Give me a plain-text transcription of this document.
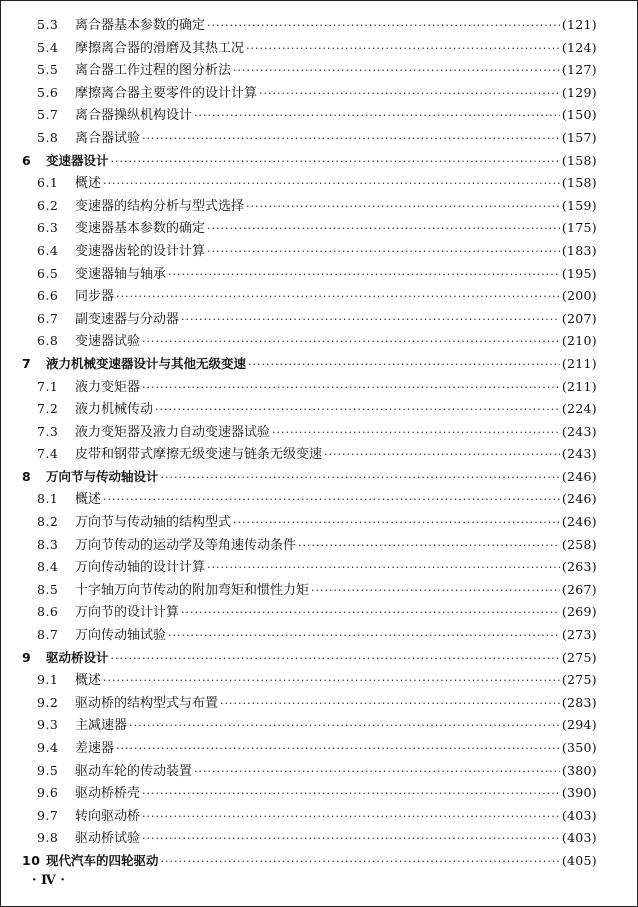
5.3	离合器基本参数的确定 ·····	(121)
5.4	摩擦离合器的滑磨及其热工况 ·····	(124)
5.5	离合器工作过程的图分析法 ·····	(127)
5.6	摩擦离合器主要零件的设计计算 ·····	(129)
5.7	离合器操纵机构设计 ·····	(150)
5.8	离合器试验 ·····	(157)
6	变速器设计 ·····	(158)
6.1	概述 ·····	(158)
6.2	变速器的结构分析与型式选择 ·····	(159)
6.3	变速器基本参数的确定 ·····	(175)
6.4	变速器齿轮的设计计算 ·····	(183)
6.5	变速器轴与轴承 ·····	(195)
6.6	同步器 ·····	(200)
6.7	副变速器与分动器 ·····	(207)
6.8	变速器试验 ·····	(210)
7	液力机械变速器设计与其他无级变速 ·····	(211)
7.1	液力变矩器 ·····	(211)
7.2	液力机械传动 ·····	(224)
7.3	液力变矩器及液力自动变速器试验 ·····	(243)
7.4	皮带和钢带式摩擦无级变速与链条无级变速 ·····	(243)
8	万向节与传动轴设计 ·····	(246)
8.1	概述 ·····	(246)
8.2	万向节与传动轴的结构型式 ·····	(246)
8.3	万向节传动的运动学及等角速传动条件 ·····	(258)
8.4	万向传动轴的设计计算 ·····	(263)
8.5	十字轴万向节传动的附加弯矩和惯性力矩 ·····	(267)
8.6	万向节的设计计算 ·····	(269)
8.7	万向传动轴试验 ·····	(273)
9	驱动桥设计 ·····	(275)
9.1	概述 ·····	(275)
9.2	驱动桥的结构型式与布置 ·····	(283)
9.3	主减速器 ·····	(294)
9.4	差速器 ·····	(350)
9.5	驱动车轮的传动装置 ·····	(380)
9.6	驱动桥桥壳 ·····	(390)
9.7	转向驱动桥 ·····	(403)
9.8	驱动桥试验 ·····	(403)
10 现代汽车的四轮驱动 ·····	(405)
· Ⅳ ·
